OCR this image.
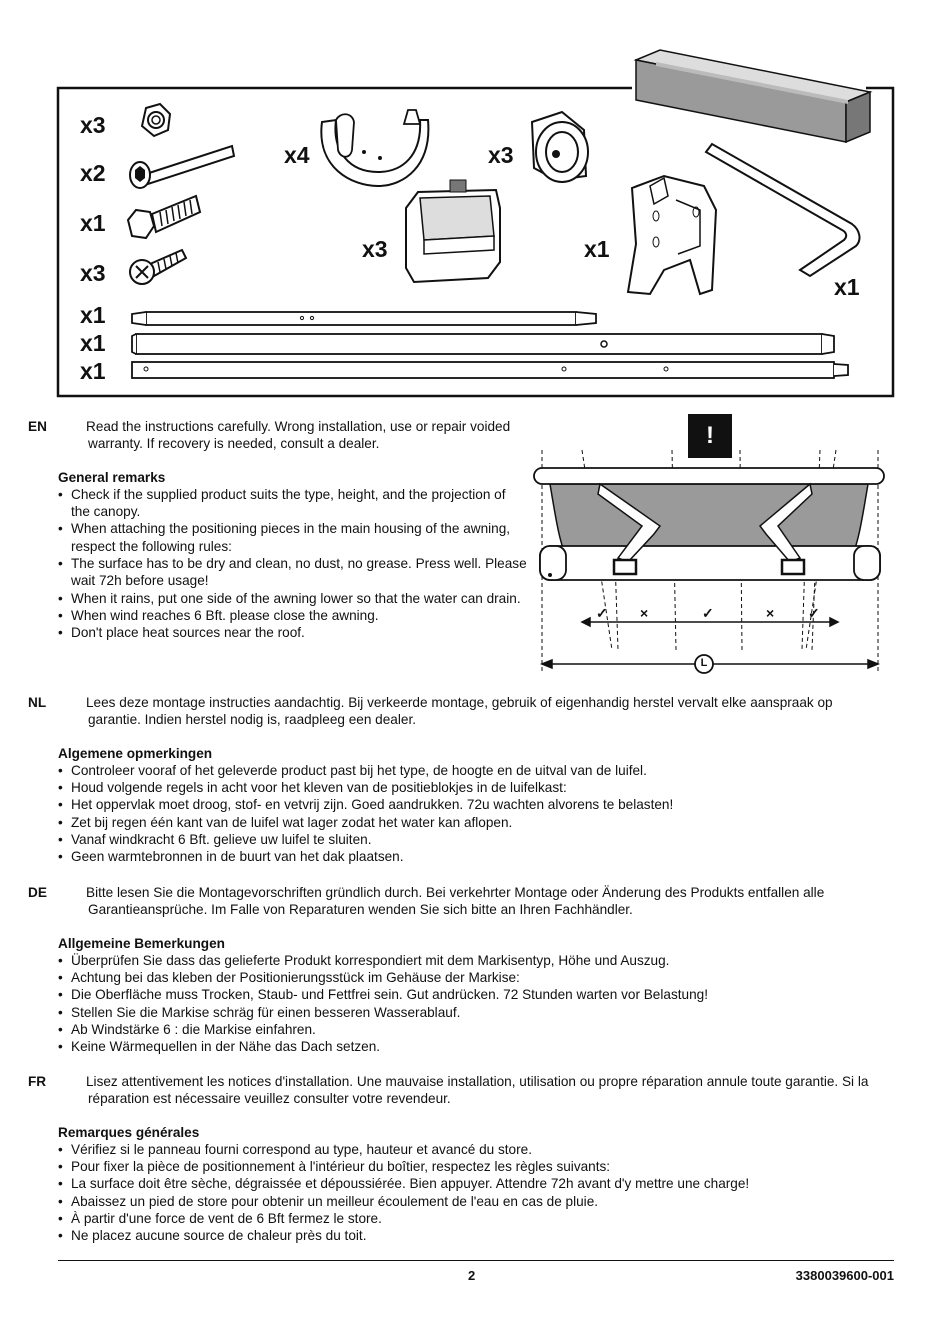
x3
x2
x1
x3
x1
x1
x1
x4
x3
x3
x1
x1
✓ ×	✓	× ✓
!
L

EN	Read the instructions carefully. Wrong installation, use or repair voided warranty. If recovery is needed, consult a dealer.

General remarks

• Check if the supplied product suits the type, height, and the projection of the canopy.
• When attaching the positioning pieces in the main housing of the awning, respect the following rules:
• The surface has to be dry and clean, no dust, no grease. Press well. Please wait 72h before usage!
• When it rains, put one side of the awning lower so that the water can drain.
• When wind reaches 6 Bft. please close the awning.
• Don't place heat sources near the roof.

NL	Lees deze montage instructies aandachtig. Bij verkeerde montage, gebruik of eigenhandig herstel vervalt elke aanspraak op garantie. Indien herstel nodig is, raadpleeg een dealer.

Algemene opmerkingen

• Controleer vooraf of het geleverde product past bij het type, de hoogte en de uitval van de luifel.
• Houd volgende regels in acht voor het kleven van de positieblokjes in de luifelkast:
• Het oppervlak moet droog, stof- en vetvrij zijn. Goed aandrukken. 72u wachten alvorens te belasten!
• Zet bij regen één kant van de luifel wat lager zodat het water kan aflopen.
• Vanaf windkracht 6 Bft. gelieve uw luifel te sluiten.
• Geen warmtebronnen in de buurt van het dak plaatsen.

DE	Bitte lesen Sie die Montagevorschriften gründlich durch. Bei verkehrter Montage oder Änderung des Produkts entfallen alle Garantieansprüche. Im Falle von Reparaturen wenden Sie sich bitte an Ihren Fachhändler.

Allgemeine Bemerkungen

• Überprüfen Sie dass das gelieferte Produkt korrespondiert mit dem Markisentyp, Höhe und Auszug.
• Achtung bei das kleben der Positionierungsstück im Gehäuse der Markise:
• Die Oberfläche muss Trocken, Staub- und Fettfrei sein. Gut andrücken. 72 Stunden warten vor Belastung!
• Stellen Sie die Markise schräg für einen besseren Wasserablauf.
• Ab Windstärke 6 : die Markise einfahren.
• Keine Wärmequellen in der Nähe das Dach setzen.

FR	Lisez attentivement les notices d'installation. Une mauvaise installation, utilisation ou propre réparation annule toute garantie. Si la réparation est nécessaire veuillez consulter votre revendeur.

Remarques générales

• Vérifiez si le panneau fourni correspond au type, hauteur et avancé du store.
• Pour fixer la pièce de positionnement à l'intérieur du boîtier, respectez les règles suivants:
• La surface doit être sèche, dégraissée et dépoussiérée. Bien appuyer. Attendre 72h avant d'y mettre une charge!
• Abaissez un pied de store pour obtenir un meilleur écoulement de l'eau en cas de pluie.
• À partir d'une force de vent de 6 Bft fermez le store.
• Ne placez aucune source de chaleur près du toit.
2	3380039600-001
